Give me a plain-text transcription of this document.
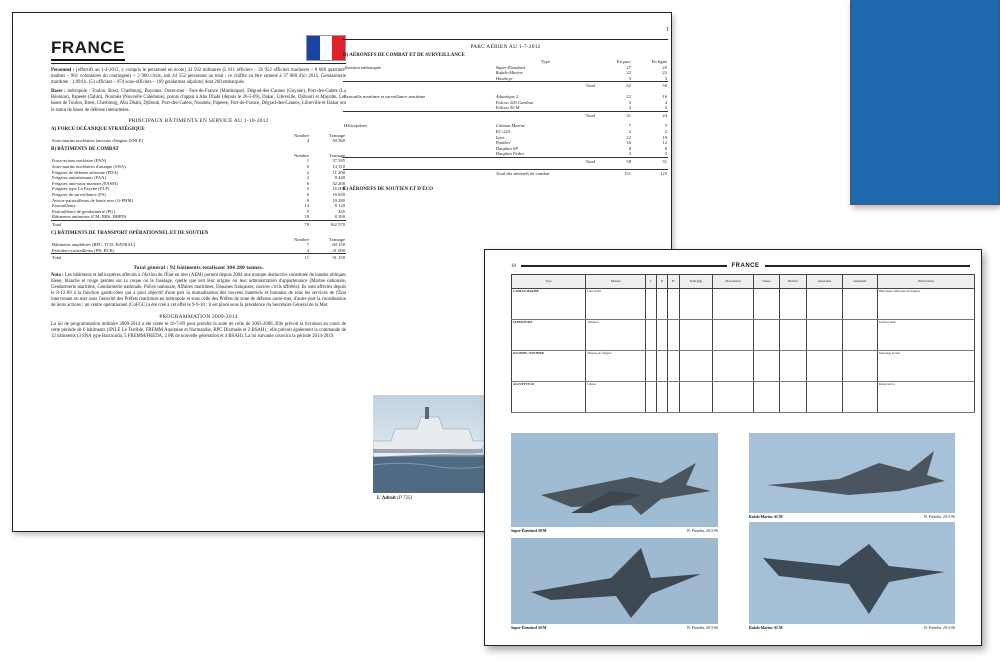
1
FRANCE

Personnel : [effectifs au 1-4-2012, y compris le personnel en école] 43 592 militaires (5 011 officiers – 26 952 officiers mariniers – 8 668 quartiers-maîtres – 961 volontaires du contingent) + 2 960 civils, soit 44 552 personnes au total ; ce chiffre va être ramené à 37 000 d'ici 2015. Gendarmerie maritime : 1 094 h. (51 officiers – 874 sous-officiers – 169 gendarmes adjoints) dont 260 embarqués.

Bases : métropole : Toulon, Brest, Cherbourg, Bayonne. Outre-mer : Fort-de-France (Martinique), Dégrad-des-Cannes (Guyane), Port-des-Galets (La Réunion), Papeete (Tahiti), Nouméa (Nouvelle Calédonie), points d'appui à Abu Dhabi (depuis le 26-5-09), Dakar, Libreville, Djibouti et Mayotte. Les bases de Toulon, Brest, Cherbourg, Abu Dhabi, Djibouti, Port-des-Galets, Nouméa, Papeete, Fort-de-France, Dégrad-des-Cannes, Libreville et Dakar ont le statut de bases de défense interarmées.

PRINCIPAUX BÂTIMENTS EN SERVICE AU 1-10-2012
A) FORCE OCÉANIQUE STRATÉGIQUE
	Nombre	Tonnage
Sous-marins nucléaires lanceurs d'engins (SNLE)	4	50 560
B) BÂTIMENTS DE COMBAT
	Nombre	Tonnage
Porte-avions nucléaire (PAN)	1	37 585
Sous-marins nucléaires d'attaque (SNA)	6	14 310
Frégates de défense aérienne (FDA)	2	11 200
Frégates antiaériennes (FAA)	2	8 440
Frégates anti-sous-marines (FASM)	6	32 200
Frégates type La Fayette (FLF)	5	16 000
Frégates de surveillance (FS)	6	16 650
Avisos-patrouilleurs de haute mer (A-PHM)	9	10 280
Patrouilleurs	14	8 120
Patrouilleurs de gendarmerie (PG)	5	445
Bâtiments antimines (CM, BRS, BBPD)	18	8 390
Total	78	162 570
C) BÂTIMENTS DE TRANSPORT OPÉRATIONNEL ET DE SOUTIEN
	Nombre	Tonnage
Bâtiments amphibies (BPC, TCD, BATRAL)	7	60 150
Pétroliers-ravitailleurs (PR, BCR)	4	31 000
Total	11	91 150
Total général : 92 bâtiments totalisant 304 280 tonnes.

Nota : Les bâtiments et hélicoptères affectés à l'Action de l'État en mer (AEM) portent depuis 2004 une marque distinctive constituée de bandes obliques bleue, blanche et rouge peintes sur la coque ou le fuselage, quelle que soit leur origine ou leur administration d'appartenance (Marine nationale, Gendarmerie maritime, Gendarmerie nationale, Police nationale, Affaires maritimes, Douanes françaises, navires civils affrétés). Ils sont affectés depuis le 8-12-09 à la fonction garde-côtes qui a pour objectif d'une part la mutualisation des moyens matériels et humains de tous les services de l'État intervenant en mer sous l'autorité des Préfets maritimes en métropole et sous celle des Préfets de zone de défense outre-mer, d'autre part la coordination de leurs actions : un centre opérationnel (CoFGC) a été créé à cet effet le 9-9-10 ; il est placé sous la présidence du Secrétaire Général de la Mer.

PROGRAMMATION 2009-2014

La loi de programmation militaire 2009-2014 a été votée le 16-7-09 pour prendre la suite de celle de 2003-2008. Elle prévoit la livraison au cours de cette période de 6 bâtiments (SNLE Le Terrible, FREMM Aquitaine et Normandie, BPC Dixmude et 2 BSAH) ; elle prévoit également la commande de 12 bâtiments (3 SNA type Barracuda, 5 FREMM/FREDA, 2 PR de nouvelle génération et 4 BSAH). La loi suivante couvrira la période 2014-2019.

PARC AÉRIEN AU 1-7-2012
D) AÉRONEFS DE COMBAT ET DE SURVEILLANCE
	Type	En parc	En ligne
Aviation embarquée	Super-Étendard	27	25
	Rafale-Marine	32	22
	Hawkeye	3	3
	Total	62	50

Patrouille maritime et surveillance maritime	Atlantique 2	22	16
	Falcon 200 Gardian	5	4
	Falcon 50 M	4	4
	Total	31	24

Hélicoptères	Caïman Marine	7	5
	EC-225	2	2
	Lynx	22	19
	Panther	16	12
	Dauphin SP	8	8
	Dauphin Pedro	3	3
	Total	58	51

	Total des aéronefs de combat	151	125
E) AÉRONEFS DE SOUTIEN ET D'ÉCO
L'Adroit (P 725)
10	FRANCE
Type	Mission	L	D	H	Poids (kg)	Motorisation	Vitesse	Plafond	Autonomie	Armement	Observations
CAÏMAN MARINE	Lutte ASM										Hélicoptère embarqué sur frégates
SUPER PUMA	Transport										Service public
DAUPHIN / PANTHER	Mission sur frégates										Sauvetage en mer
ALOUETTE III	Liaison										Retrait prévu
Super-Étendard SEM	B. Prézelin, 20-3-06
Rafale-Marine ACM	B. Prézelin, 20-3-06
Super-Étendard SEM	B. Prézelin, 20-3-06	Rafale-Marine ACM	B. Prézelin, 20-3-06
